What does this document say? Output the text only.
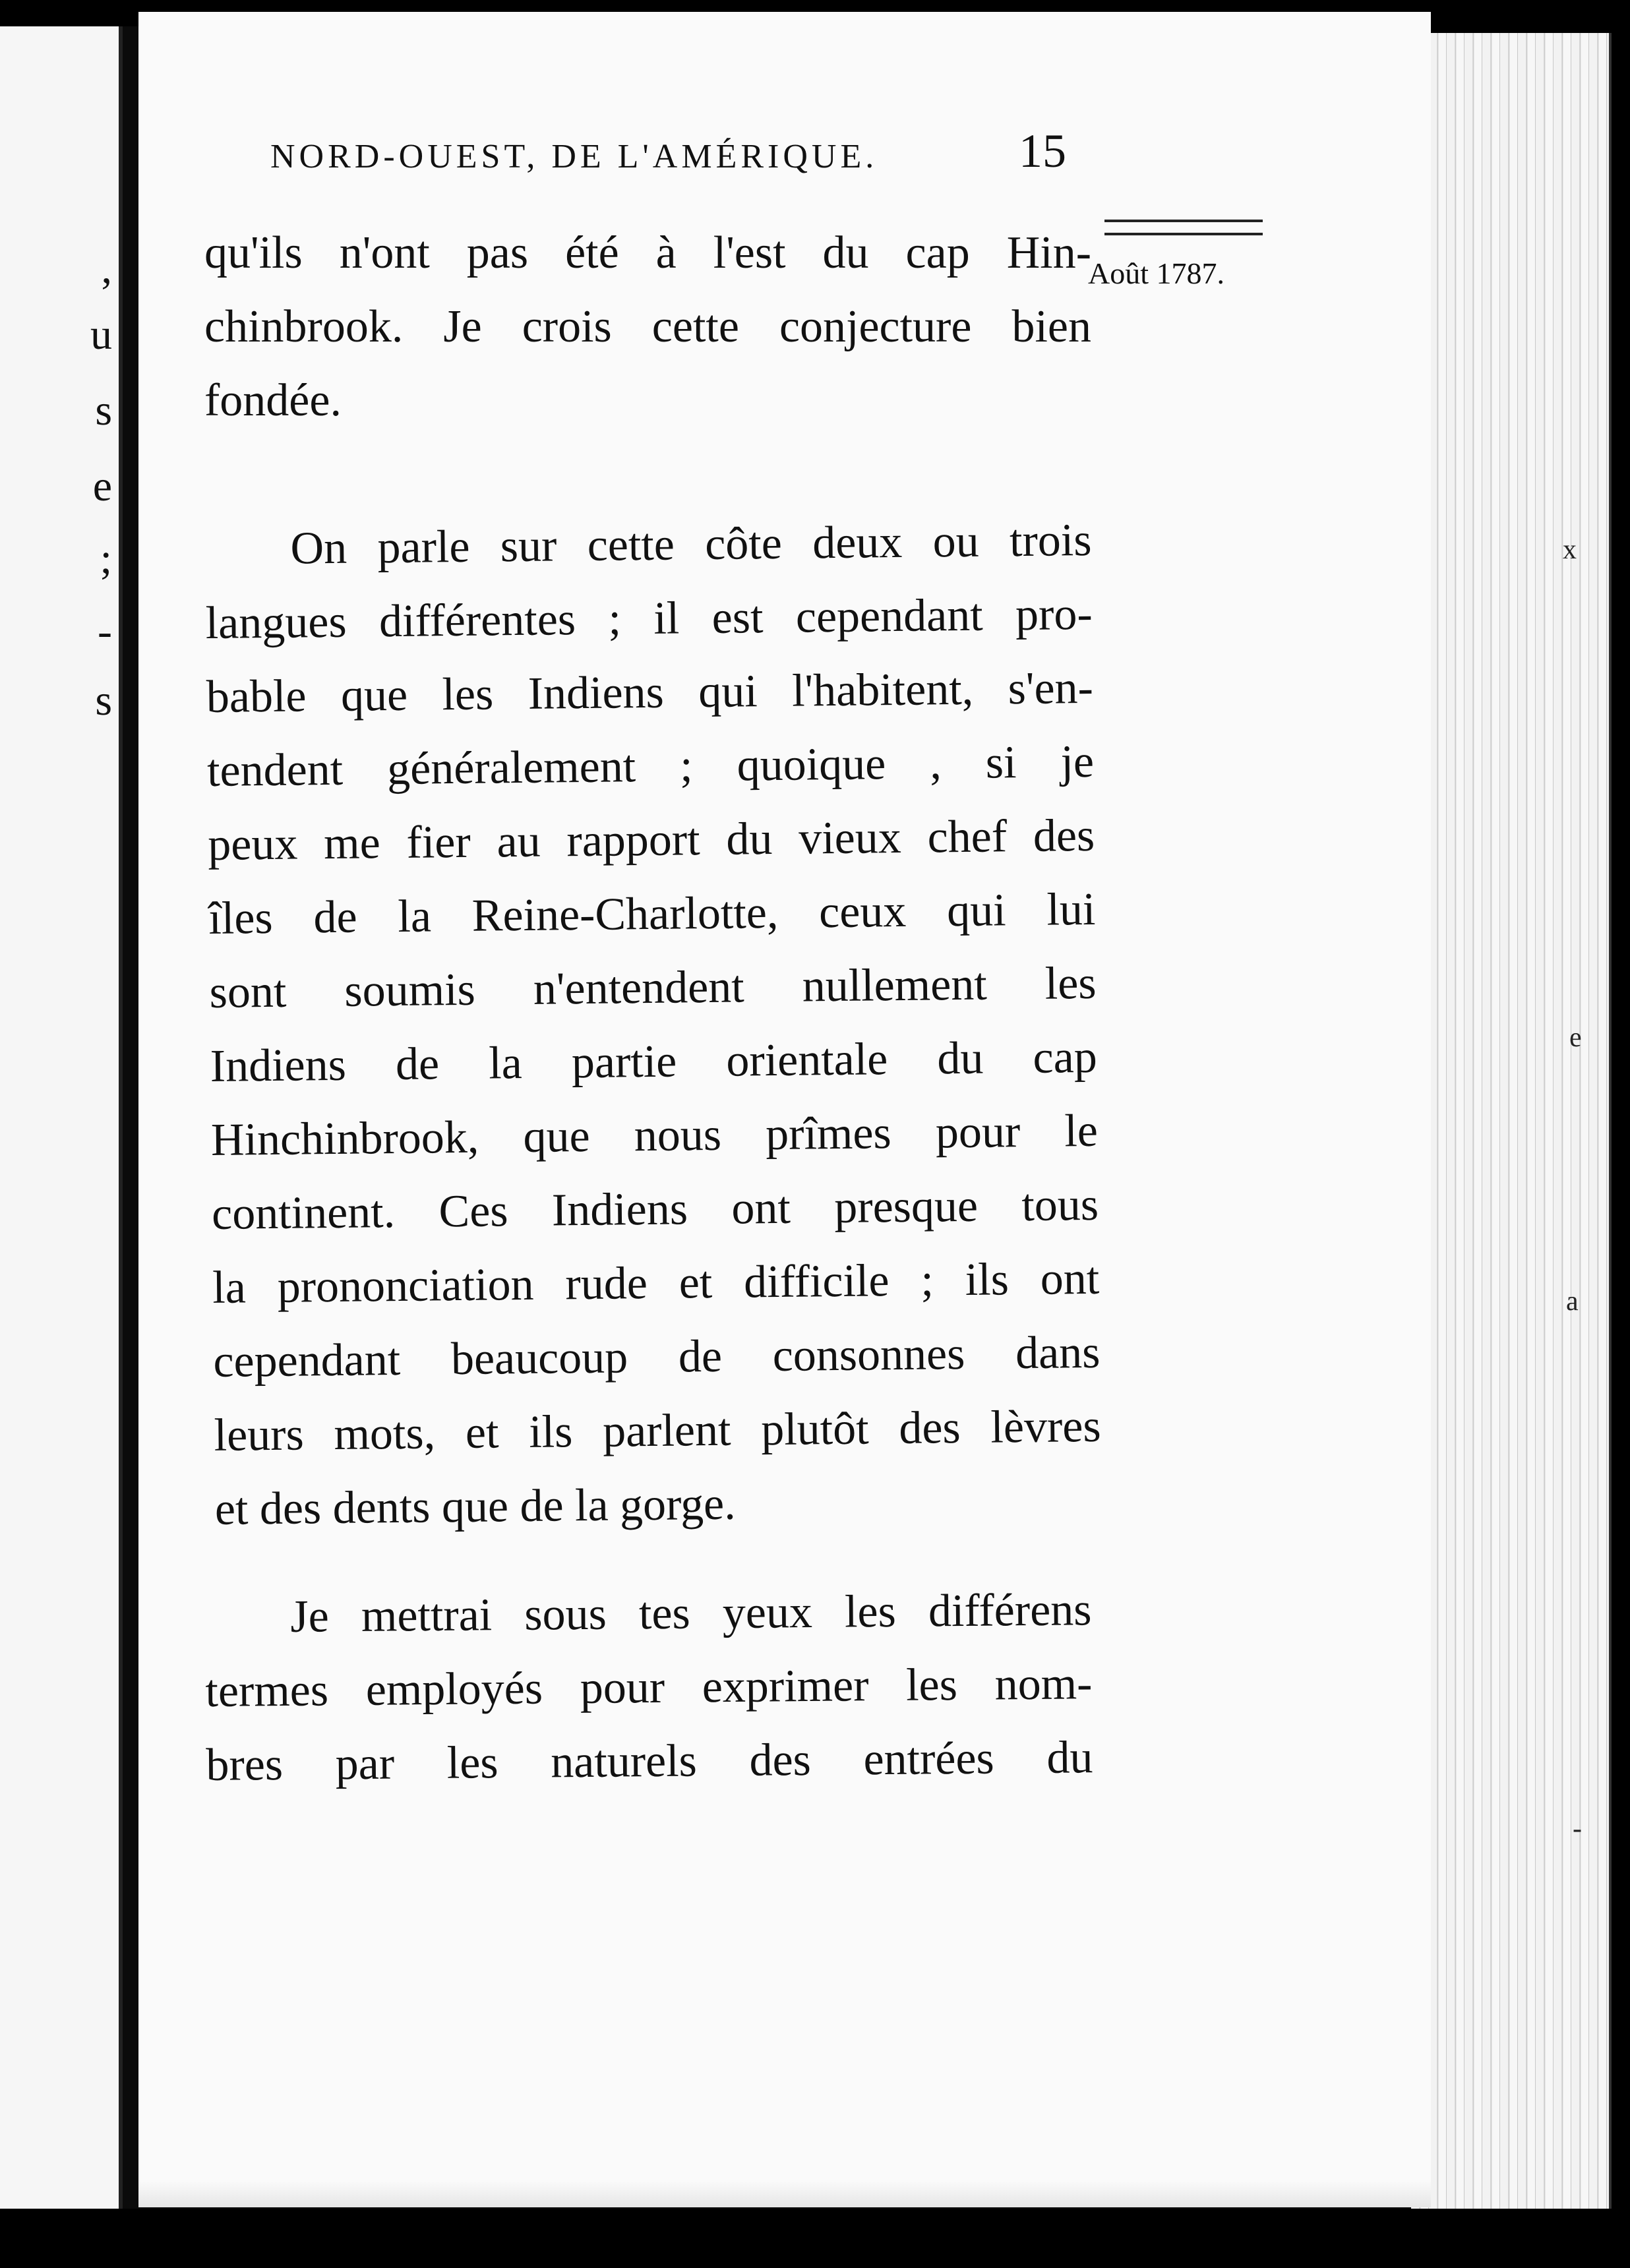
,
u
s
e
;
-
s
x
e
a
-
NORD-OUEST, DE L'AMÉRIQUE.	15
Août 1787.
qu'ils n'ont pas été à l'est du cap Hin-
chinbrook. Je crois cette conjecture bien
fondée.
On parle sur cette côte deux ou trois
langues différentes ; il est cependant pro-
bable que les Indiens qui l'habitent, s'en-
tendent généralement ; quoique , si je
peux me fier au rapport du vieux chef des
îles de la Reine-Charlotte, ceux qui lui
sont soumis n'entendent nullement les
Indiens de la partie orientale du cap
Hinchinbrook, que nous prîmes pour le
continent. Ces Indiens ont presque tous
la prononciation rude et difficile ; ils ont
cependant beaucoup de consonnes dans
leurs mots, et ils parlent plutôt des lèvres
et des dents que de la gorge.
Je mettrai sous tes yeux les différens
termes employés pour exprimer les nom-
bres par les naturels des entrées du
